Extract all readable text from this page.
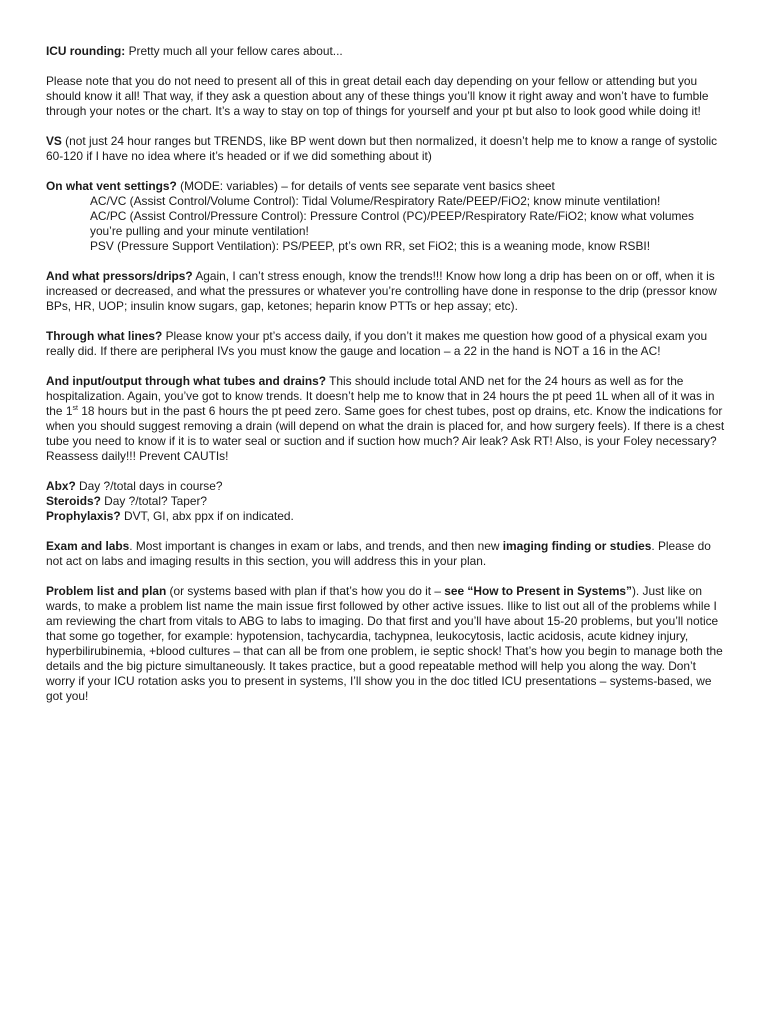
ICU rounding: Pretty much all your fellow cares about...

Please note that you do not need to present all of this in great detail each day depending on your fellow or attending but you should know it all! That way, if they ask a question about any of these things you’ll know it right away and won’t have to fumble through your notes or the chart. It’s a way to stay on top of things for yourself and your pt but also to look good while doing it!

VS (not just 24 hour ranges but TRENDS, like BP went down but then normalized, it doesn’t help me to know a range of systolic 60-120 if I have no idea where it’s headed or if we did something about it)

On what vent settings? (MODE: variables) – for details of vents see separate vent basics sheet
AC/VC (Assist Control/Volume Control): Tidal Volume/Respiratory Rate/PEEP/FiO2; know minute ventilation!
AC/PC (Assist Control/Pressure Control): Pressure Control (PC)/PEEP/Respiratory Rate/FiO2; know what volumes you’re pulling and your minute ventilation!
PSV (Pressure Support Ventilation): PS/PEEP, pt’s own RR, set FiO2; this is a weaning mode, know RSBI!

And what pressors/drips? Again, I can’t stress enough, know the trends!!! Know how long a drip has been on or off, when it is increased or decreased, and what the pressures or whatever you’re controlling have done in response to the drip (pressor know BPs, HR, UOP; insulin know sugars, gap, ketones; heparin know PTTs or hep assay; etc).

Through what lines? Please know your pt’s access daily, if you don’t it makes me question how good of a physical exam you really did. If there are peripheral IVs you must know the gauge and location – a 22 in the hand is NOT a 16 in the AC!

And input/output through what tubes and drains? This should include total AND net for the 24 hours as well as for the hospitalization. Again, you’ve got to know trends. It doesn’t help me to know that in 24 hours the pt peed 1L when all of it was in the 1st 18 hours but in the past 6 hours the pt peed zero. Same goes for chest tubes, post op drains, etc. Know the indications for when you should suggest removing a drain (will depend on what the drain is placed for, and how surgery feels). If there is a chest tube you need to know if it is to water seal or suction and if suction how much? Air leak? Ask RT! Also, is your Foley necessary? Reassess daily!!! Prevent CAUTIs!

Abx? Day ?/total days in course?
Steroids? Day ?/total? Taper?
Prophylaxis? DVT, GI, abx ppx if on indicated.

Exam and labs. Most important is changes in exam or labs, and trends, and then new imaging finding or studies. Please do not act on labs and imaging results in this section, you will address this in your plan.

Problem list and plan (or systems based with plan if that’s how you do it – see “How to Present in Systems”). Just like on wards, to make a problem list name the main issue first followed by other active issues. Ilike to list out all of the problems while I am reviewing the chart from vitals to ABG to labs to imaging. Do that first and you’ll have about 15-20 problems, but you’ll notice that some go together, for example: hypotension, tachycardia, tachypnea, leukocytosis, lactic acidosis, acute kidney injury, hyperbilirubinemia, +blood cultures – that can all be from one problem, ie septic shock! That’s how you begin to manage both the details and the big picture simultaneously. It takes practice, but a good repeatable method will help you along the way. Don’t worry if your ICU rotation asks you to present in systems, I’ll show you in the doc titled ICU presentations – systems-based, we got you!
